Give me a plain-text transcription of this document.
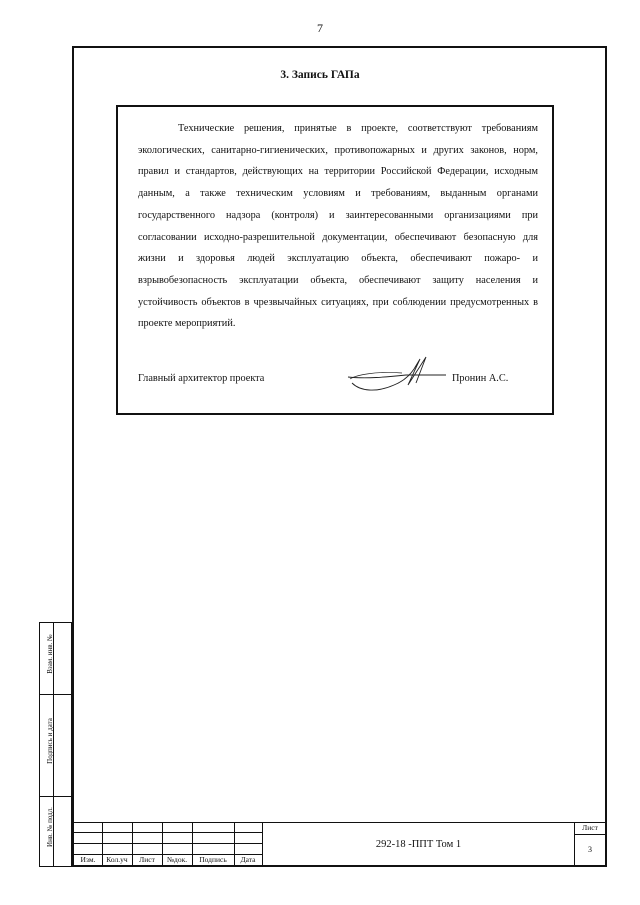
7
3. Запись ГАПа

Технические решения, принятые в проекте, соответствуют требованиям экологических, санитарно-гигиенических, противопожарных и других законов, норм, правил и стандартов, действующих на территории Российской Федерации, исходным данным, а также техническим условиям и требованиям, выданным органами государственного надзора (контроля) и заинтересованными организациями при согласовании исходно-разрешительной документации, обеспечивают безопасную для жизни и здоровья людей эксплуатацию объекта, обеспечивают пожаро- и взрывобезопасность эксплуатации объекта, обеспечивают защиту населения и устойчивость объектов в чрезвычайных ситуациях, при соблюдении предусмотренных в проекте мероприятий.

Главный архитектор проекта	Пронин А.С.
Взам. инв. №
Подпись и дата
Инв. № подл.
Изм.	Кол.уч	Лист	№док.	Подпись	Дата
292-18 -ППТ Том 1
Лист
3
